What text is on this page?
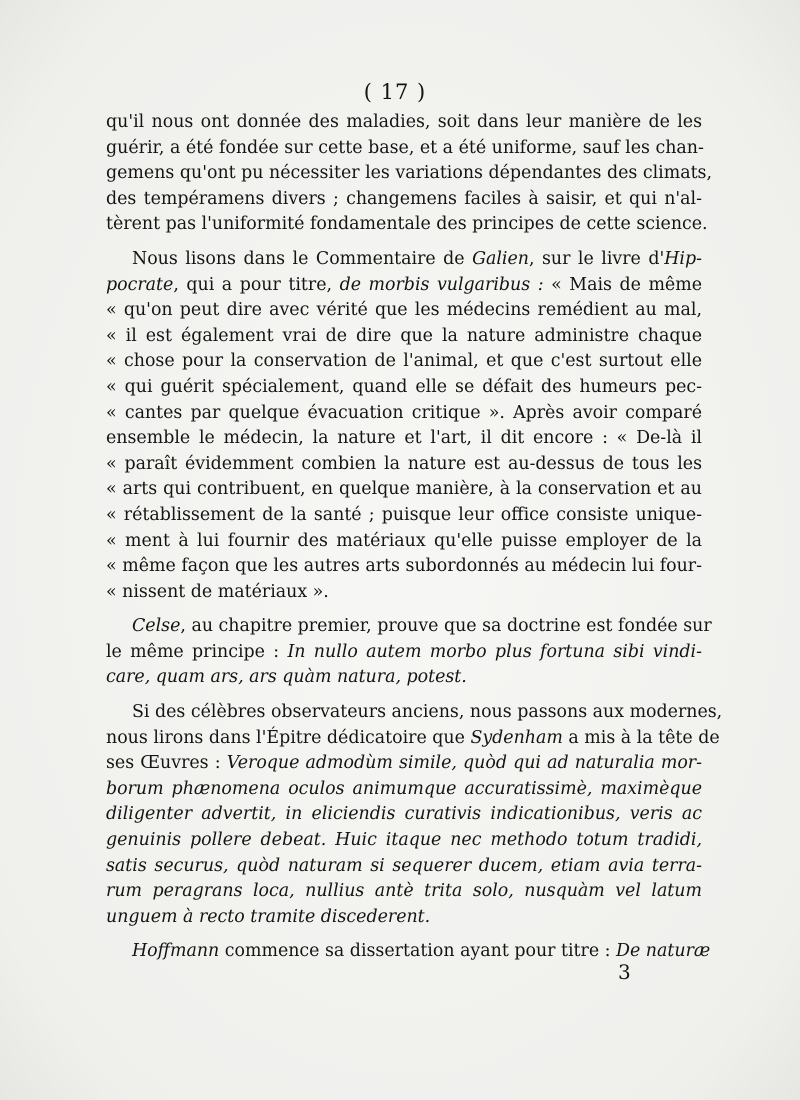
( 17 )
qu'il nous ont donnée des maladies, soit dans leur manière de les
guérir, a été fondée sur cette base, et a été uniforme, sauf les chan-
gemens qu'ont pu nécessiter les variations dépendantes des climats,
des tempéramens divers ; changemens faciles à saisir, et qui n'al-
tèrent pas l'uniformité fondamentale des principes de cette science.
Nous lisons dans le Commentaire de Galien, sur le livre d'Hip-
pocrate, qui a pour titre, de morbis vulgaribus : « Mais de même
« qu'on peut dire avec vérité que les médecins remédient au mal,
« il est également vrai de dire que la nature administre chaque
« chose pour la conservation de l'animal, et que c'est surtout elle
« qui guérit spécialement, quand elle se défait des humeurs pec-
« cantes par quelque évacuation critique ». Après avoir comparé
ensemble le médecin, la nature et l'art, il dit encore : « De-là il
« paraît évidemment combien la nature est au-dessus de tous les
« arts qui contribuent, en quelque manière, à la conservation et au
« rétablissement de la santé ; puisque leur office consiste unique-
« ment à lui fournir des matériaux qu'elle puisse employer de la
« même façon que les autres arts subordonnés au médecin lui four-
« nissent de matériaux ».
Celse, au chapitre premier, prouve que sa doctrine est fondée sur
le même principe : In nullo autem morbo plus fortuna sibi vindi-
care, quam ars, ars quàm natura, potest.
Si des célèbres observateurs anciens, nous passons aux modernes,
nous lirons dans l'Épitre dédicatoire que Sydenham a mis à la tête de
ses Œuvres : Veroque admodùm simile, quòd qui ad naturalia mor-
borum phænomena oculos animumque accuratissimè, maximèque
diligenter advertit, in eliciendis curativis indicationibus, veris ac
genuinis pollere debeat. Huic itaque nec methodo totum tradidi,
satis securus, quòd naturam si sequerer ducem, etiam avia terra-
rum peragrans loca, nullius antè trita solo, nusquàm vel latum
unguem à recto tramite discederent.
Hoffmann commence sa dissertation ayant pour titre : De naturæ
3
